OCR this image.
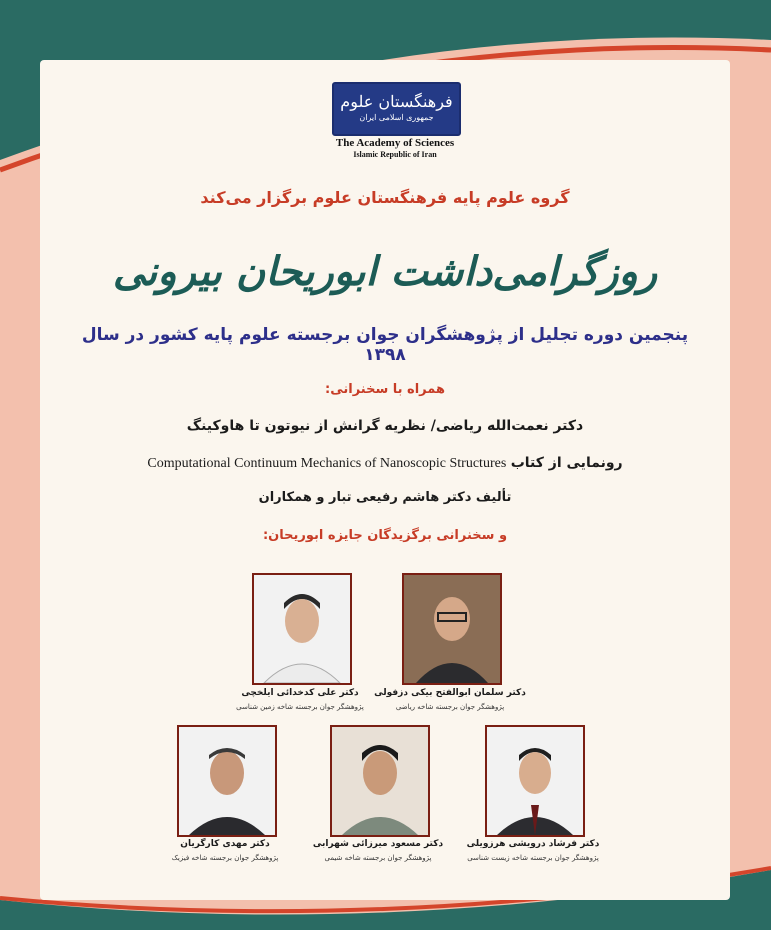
فرهنگستان علوم
جمهوری اسلامی ایران
The Academy of Sciences
Islamic Republic of Iran
گروه علوم پایه فرهنگستان علوم برگزار می‌کند
روزگرامی‌داشت ابوریحان بیرونی
پنجمین دوره تجلیل از پژوهشگران جوان برجسته علوم پایه کشور در سال ۱۳۹۸
همراه با سخنرانی:
دکتر نعمت‌الله ریاضی/ نظریه گرانش از نیوتون تا هاوکینگ
رونمایی از کتاب Computational Continuum Mechanics of Nanoscopic Structures
تألیف دکتر هاشم رفیعی تبار و همکاران
و سخنرانی برگزیدگان جایزه ابوریحان:
دکتر سلمان ابوالفتح بیکی دزفولی
پژوهشگر جوان برجسته شاخه ریاضی
دکتر علی کدخدائی ایلخچی
پژوهشگر جوان برجسته شاخه زمین شناسی
دکتر فرشاد درویشی هرزویلی
پژوهشگر جوان برجسته شاخه زیست شناسی
دکتر مسعود میرزائی شهرابی
پژوهشگر جوان برجسته شاخه شیمی
دکتر مهدی کارگریان
پژوهشگر جوان برجسته شاخه فیزیک
